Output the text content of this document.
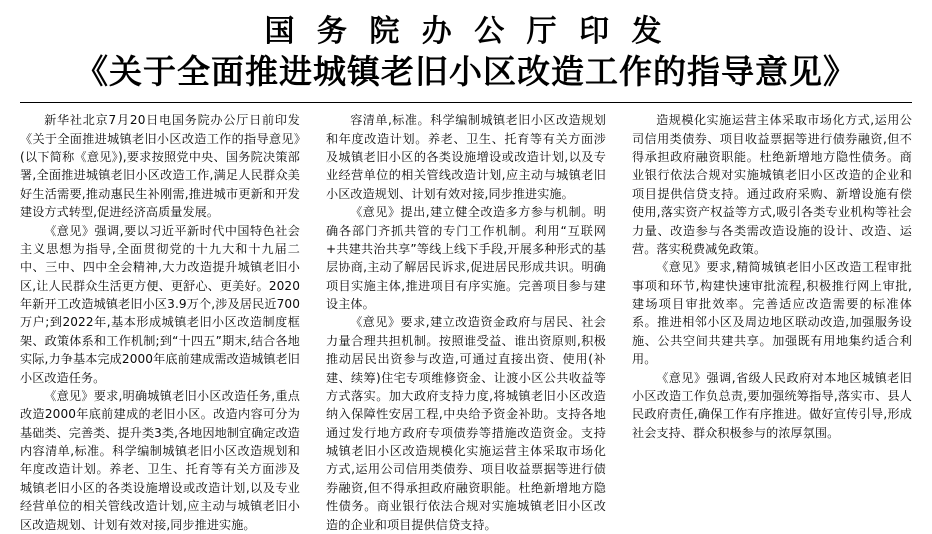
国 务 院 办 公 厅 印 发
《关于全面推进城镇老旧小区改造工作的指导意见》

新华社北京7月20日电国务院办公厅日前印发《关于全面推进城镇老旧小区改造工作的指导意见》(以下简称《意见》),要求按照党中央、国务院决策部署,全面推进城镇老旧小区改造工作,满足人民群众美好生活需要,推动惠民生补刚需,推进城市更新和开发建设方式转型,促进经济高质量发展。

《意见》强调,要以习近平新时代中国特色社会主义思想为指导,全面贯彻党的十九大和十九届二中、三中、四中全会精神,大力改造提升城镇老旧小区,让人民群众生活更方便、更舒心、更美好。2020年新开工改造城镇老旧小区3.9万个,涉及居民近700万户;到2022年,基本形成城镇老旧小区改造制度框架、政策体系和工作机制;到“十四五”期末,结合各地实际,力争基本完成2000年底前建成需改造城镇老旧小区改造任务。

《意见》要求,明确城镇老旧小区改造任务,重点改造2000年底前建成的老旧小区。改造内容可分为基础类、完善类、提升类3类,各地因地制宜确定改造内容清单,标准。科学编制城镇老旧小区改造规划和年度改造计划。养老、卫生、托育等有关方面涉及城镇老旧小区的各类设施增设或改造计划,以及专业经营单位的相关管线改造计划,应主动与城镇老旧小区改造规划、计划有效对接,同步推进实施。

容清单,标准。科学编制城镇老旧小区改造规划和年度改造计划。养老、卫生、托育等有关方面涉及城镇老旧小区的各类设施增设或改造计划,以及专业经营单位的相关管线改造计划,应主动与城镇老旧小区改造规划、计划有效对接,同步推进实施。

《意见》提出,建立健全改造多方参与机制。明确各部门齐抓共管的专门工作机制。利用“互联网+共建共治共享”等线上线下手段,开展多种形式的基层协商,主动了解居民诉求,促进居民形成共识。明确项目实施主体,推进项目有序实施。完善项目参与建设主体。

《意见》要求,建立改造资金政府与居民、社会力量合理共担机制。按照谁受益、谁出资原则,积极推动居民出资参与改造,可通过直接出资、使用(补建、续筹)住宅专项维修资金、让渡小区公共收益等方式落实。加大政府支持力度,将城镇老旧小区改造纳入保障性安居工程,中央给予资金补助。支持各地通过发行地方政府专项债券等措施改造资金。支持城镇老旧小区改造规模化实施运营主体采取市场化方式,运用公司信用类债券、项目收益票据等进行债券融资,但不得承担政府融资职能。杜绝新增地方隐性债务。商业银行依法合规对实施城镇老旧小区改造的企业和项目提供信贷支持。

造规模化实施运营主体采取市场化方式,运用公司信用类债券、项目收益票据等进行债券融资,但不得承担政府融资职能。杜绝新增地方隐性债务。商业银行依法合规对实施城镇老旧小区改造的企业和项目提供信贷支持。通过政府采购、新增设施有偿使用,落实资产权益等方式,吸引各类专业机构等社会力量、改造参与各类需改造设施的设计、改造、运营。落实税费减免政策。

《意见》要求,精简城镇老旧小区改造工程审批事项和环节,构建快速审批流程,积极推行网上审批,建场项目审批效率。完善适应改造需要的标准体系。推进相邻小区及周边地区联动改造,加强服务设施、公共空间共建共享。加强既有用地集约适合利用。

《意见》强调,省级人民政府对本地区城镇老旧小区改造工作负总责,要加强统筹指导,落实市、县人民政府责任,确保工作有序推进。做好宣传引导,形成社会支持、群众积极参与的浓厚氛围。
